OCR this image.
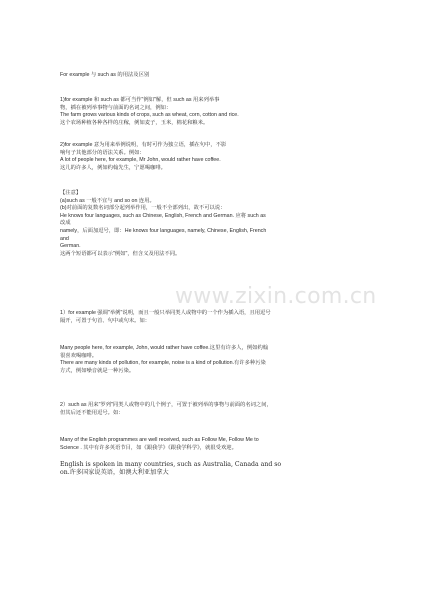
For example 与 such as 的用法及区别
1)for example 和 such as 都可当作"例如"解，但 such as 用来列举事
物，插在被列举事物与前面的名词之间，例如：
The farm grows various kinds of crops, such as wheat, corn, cotton and rice.
这个农场种植各种各样的庄稼，例如麦子，玉米，棉花和粮米。
2)for example 意为用来举例说明，有时可作为独立语，插在句中，不影
响句子其他部分的语法关系。例如：
A lot of people here, for example, Mr John, would rather have coffee.
这儿的许多人，例如约翰先生，宁愿喝咖啡。
【注意】
(a)such as 一般不宜与 and so on 连用。
(b)对前面的复数名词部分起列举作用，一般不全部列出，故不可以说：
He knows four languages, such as Chinese, English, French and German. 应将 such as
改成
namely，后面加逗号，即：He knows four languages, namely, Chinese, English, French
and
German.
这两个短语都可以表示"例如"，但含义及用法不同。
www.zixin.com.cn
1）for example 强调"举例"说明，而且一般只举同类人或物中的一个作为插入语，且用逗号
隔开，可置于句首、句中或句末。如：
Many people here, for example, John, would rather have coffee.这里有许多人，例如约翰
很喜欢喝咖啡。
There are many kinds of pollution, for example, noise is a kind of pollution.有许多种污染
方式，例如噪音就是一种污染。
2）such as 用来"罗列"同类人或物中的几个例子，可置于被列举的事物与前面的名词之间，
但其后还不能用逗号。如：
Many of the English programmes are well received, such as Follow Me, Follow Me to
Science . 其中有许多英语节目，如《跟我学》《跟我学科学》，就很受欢迎。
English is spoken in many countries, such as Australia, Canada and so
on.许多国家说英语，如澳大利亚加拿大
